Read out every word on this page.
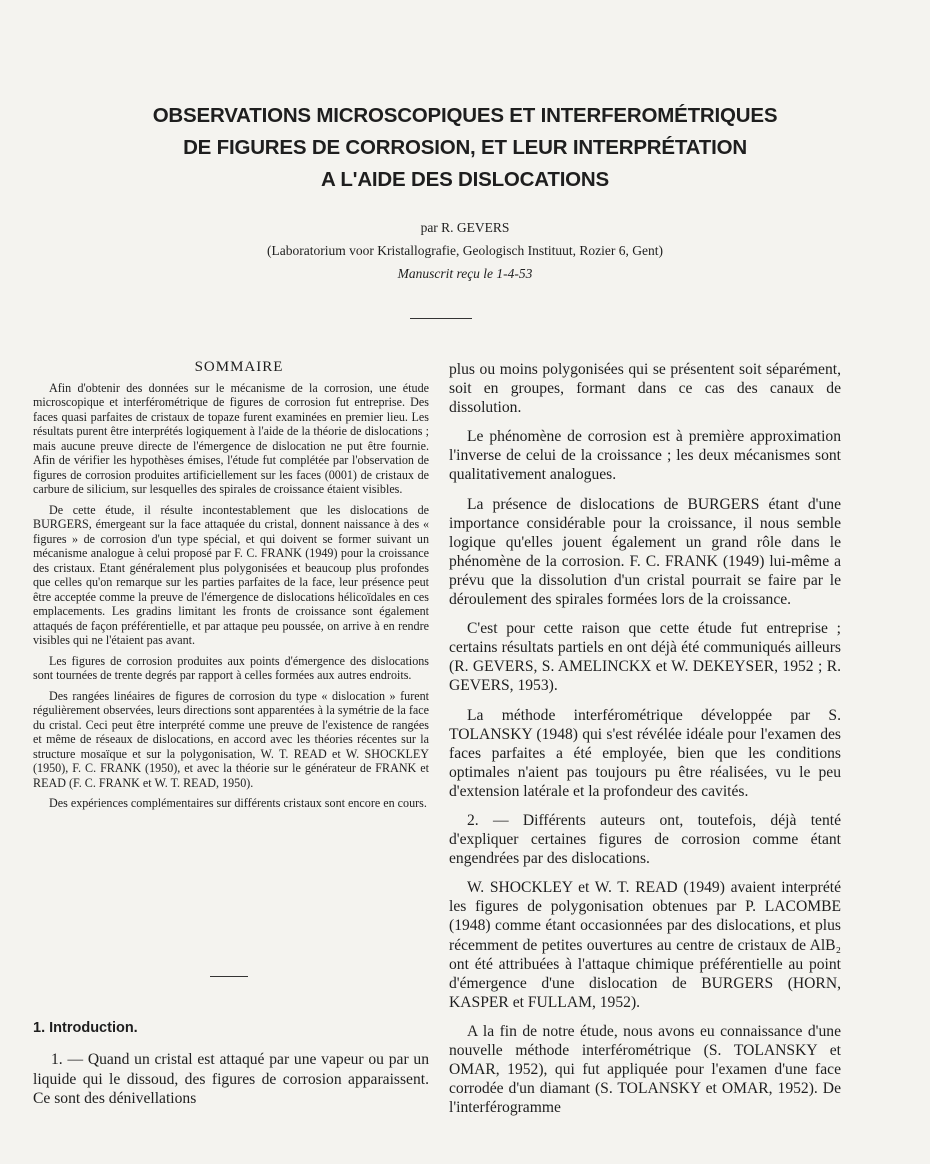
OBSERVATIONS MICROSCOPIQUES ET INTERFEROMÉTRIQUES
DE FIGURES DE CORROSION, ET LEUR INTERPRÉTATION
A L'AIDE DES DISLOCATIONS
par R. GEVERS
(Laboratorium voor Kristallografie, Geologisch Instituut, Rozier 6, Gent)
Manuscrit reçu le 1-4-53

SOMMAIRE

Afin d'obtenir des données sur le mécanisme de la corrosion, une étude microscopique et interférométrique de figures de corrosion fut entreprise. Des faces quasi parfaites de cristaux de topaze furent examinées en premier lieu. Les résultats purent être interprétés logiquement à l'aide de la théorie de dislocations ; mais aucune preuve directe de l'émergence de dislocation ne put être fournie. Afin de vérifier les hypothèses émises, l'étude fut complétée par l'observation de figures de corrosion produites artificiellement sur les faces (0001) de cristaux de carbure de silicium, sur lesquelles des spirales de croissance étaient visibles.

De cette étude, il résulte incontestablement que les dislocations de BURGERS, émergeant sur la face attaquée du cristal, donnent naissance à des « figures » de corrosion d'un type spécial, et qui doivent se former suivant un mécanisme analogue à celui proposé par F. C. FRANK (1949) pour la croissance des cristaux. Etant généralement plus polygonisées et beaucoup plus profondes que celles qu'on remarque sur les parties parfaites de la face, leur présence peut être acceptée comme la preuve de l'émergence de dislocations hélicoïdales en ces emplacements. Les gradins limitant les fronts de croissance sont également attaqués de façon préférentielle, et par attaque peu poussée, on arrive à en rendre visibles qui ne l'étaient pas avant.

Les figures de corrosion produites aux points d'émergence des dislocations sont tournées de trente degrés par rapport à celles formées aux autres endroits.

Des rangées linéaires de figures de corrosion du type « dislocation » furent régulièrement observées, leurs directions sont apparentées à la symétrie de la face du cristal. Ceci peut être interprété comme une preuve de l'existence de rangées et même de réseaux de dislocations, en accord avec les théories récentes sur la structure mosaïque et sur la polygonisation, W. T. READ et W. SHOCKLEY (1950), F. C. FRANK (1950), et avec la théorie sur le générateur de FRANK et READ (F. C. FRANK et W. T. READ, 1950).

Des expériences complémentaires sur différents cristaux sont encore en cours.

1. Introduction.

1. — Quand un cristal est attaqué par une vapeur ou par un liquide qui le dissoud, des figures de corrosion apparaissent. Ce sont des dénivellations

plus ou moins polygonisées qui se présentent soit séparément, soit en groupes, formant dans ce cas des canaux de dissolution.

Le phénomène de corrosion est à première approximation l'inverse de celui de la croissance ; les deux mécanismes sont qualitativement analogues.

La présence de dislocations de BURGERS étant d'une importance considérable pour la croissance, il nous semble logique qu'elles jouent également un grand rôle dans le phénomène de la corrosion. F. C. FRANK (1949) lui-même a prévu que la dissolution d'un cristal pourrait se faire par le déroulement des spirales formées lors de la croissance.

C'est pour cette raison que cette étude fut entreprise ; certains résultats partiels en ont déjà été communiqués ailleurs (R. GEVERS, S. AMELINCKX et W. DEKEYSER, 1952 ; R. GEVERS, 1953).

La méthode interférométrique développée par S. TOLANSKY (1948) qui s'est révélée idéale pour l'examen des faces parfaites a été employée, bien que les conditions optimales n'aient pas toujours pu être réalisées, vu le peu d'extension latérale et la profondeur des cavités.

2. — Différents auteurs ont, toutefois, déjà tenté d'expliquer certaines figures de corrosion comme étant engendrées par des dislocations.

W. SHOCKLEY et W. T. READ (1949) avaient interprété les figures de polygonisation obtenues par P. LACOMBE (1948) comme étant occasionnées par des dislocations, et plus récemment de petites ouvertures au centre de cristaux de AlB₂ ont été attribuées à l'attaque chimique préférentielle au point d'émergence d'une dislocation de BURGERS (HORN, KASPER et FULLAM, 1952).

A la fin de notre étude, nous avons eu connaissance d'une nouvelle méthode interférométrique (S. TOLANSKY et OMAR, 1952), qui fut appliquée pour l'examen d'une face corrodée d'un diamant (S. TOLANSKY et OMAR, 1952). De l'interférogramme
